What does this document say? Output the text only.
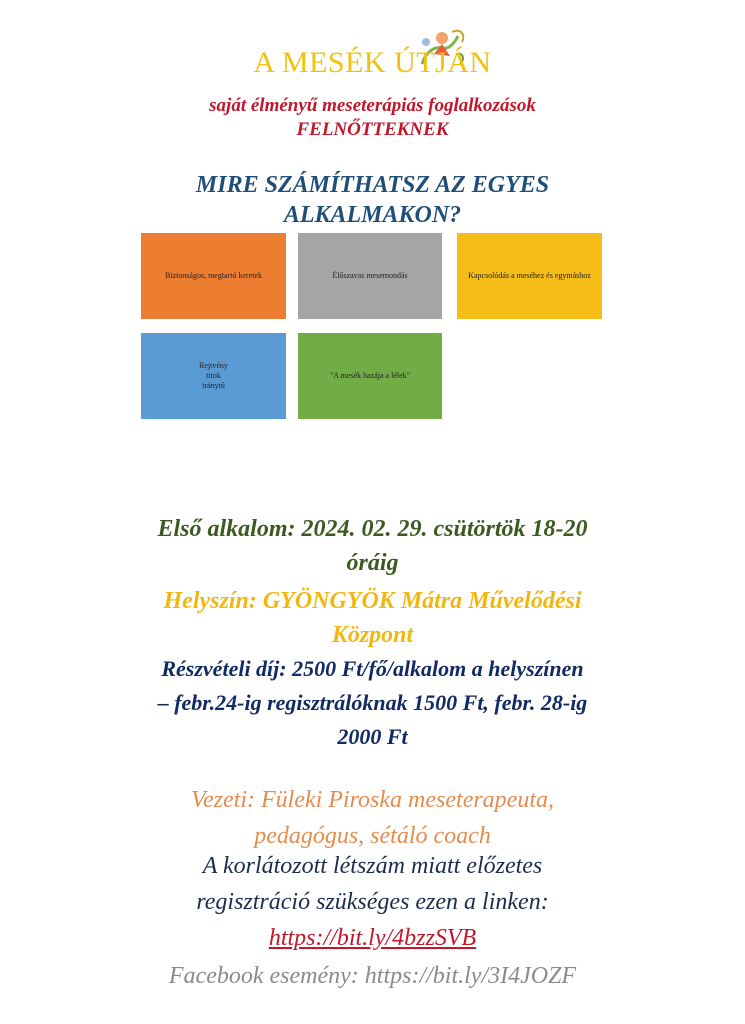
A MESÉK ÚTJÁN
saját élményű meseterápiás foglalkozások
FELNŐTTEKNEK
MIRE SZÁMÍTHATSZ AZ EGYES
ALKALMAKON?
Biztonságos, megtartó keretek	Élőszavas mesemondás	Kapcsolódás a meséhez és egymáshoz
Rejtvény
titok
iránytű
"A mesék hazája a lélek"
Első alkalom: 2024. 02. 29. csütörtök 18-20
óráig
Helyszín: GYÖNGYÖK Mátra Művelődési
Központ
Részvételi díj: 2500 Ft/fő/alkalom a helyszínen
– febr.24-ig regisztrálóknak 1500 Ft, febr. 28-ig
2000 Ft
Vezeti: Füleki Piroska meseterapeuta,
pedagógus, sétáló coach
A korlátozott létszám miatt előzetes
regisztráció szükséges ezen a linken:
https://bit.ly/4bzzSVB
Facebook esemény: https://bit.ly/3I4JOZF
